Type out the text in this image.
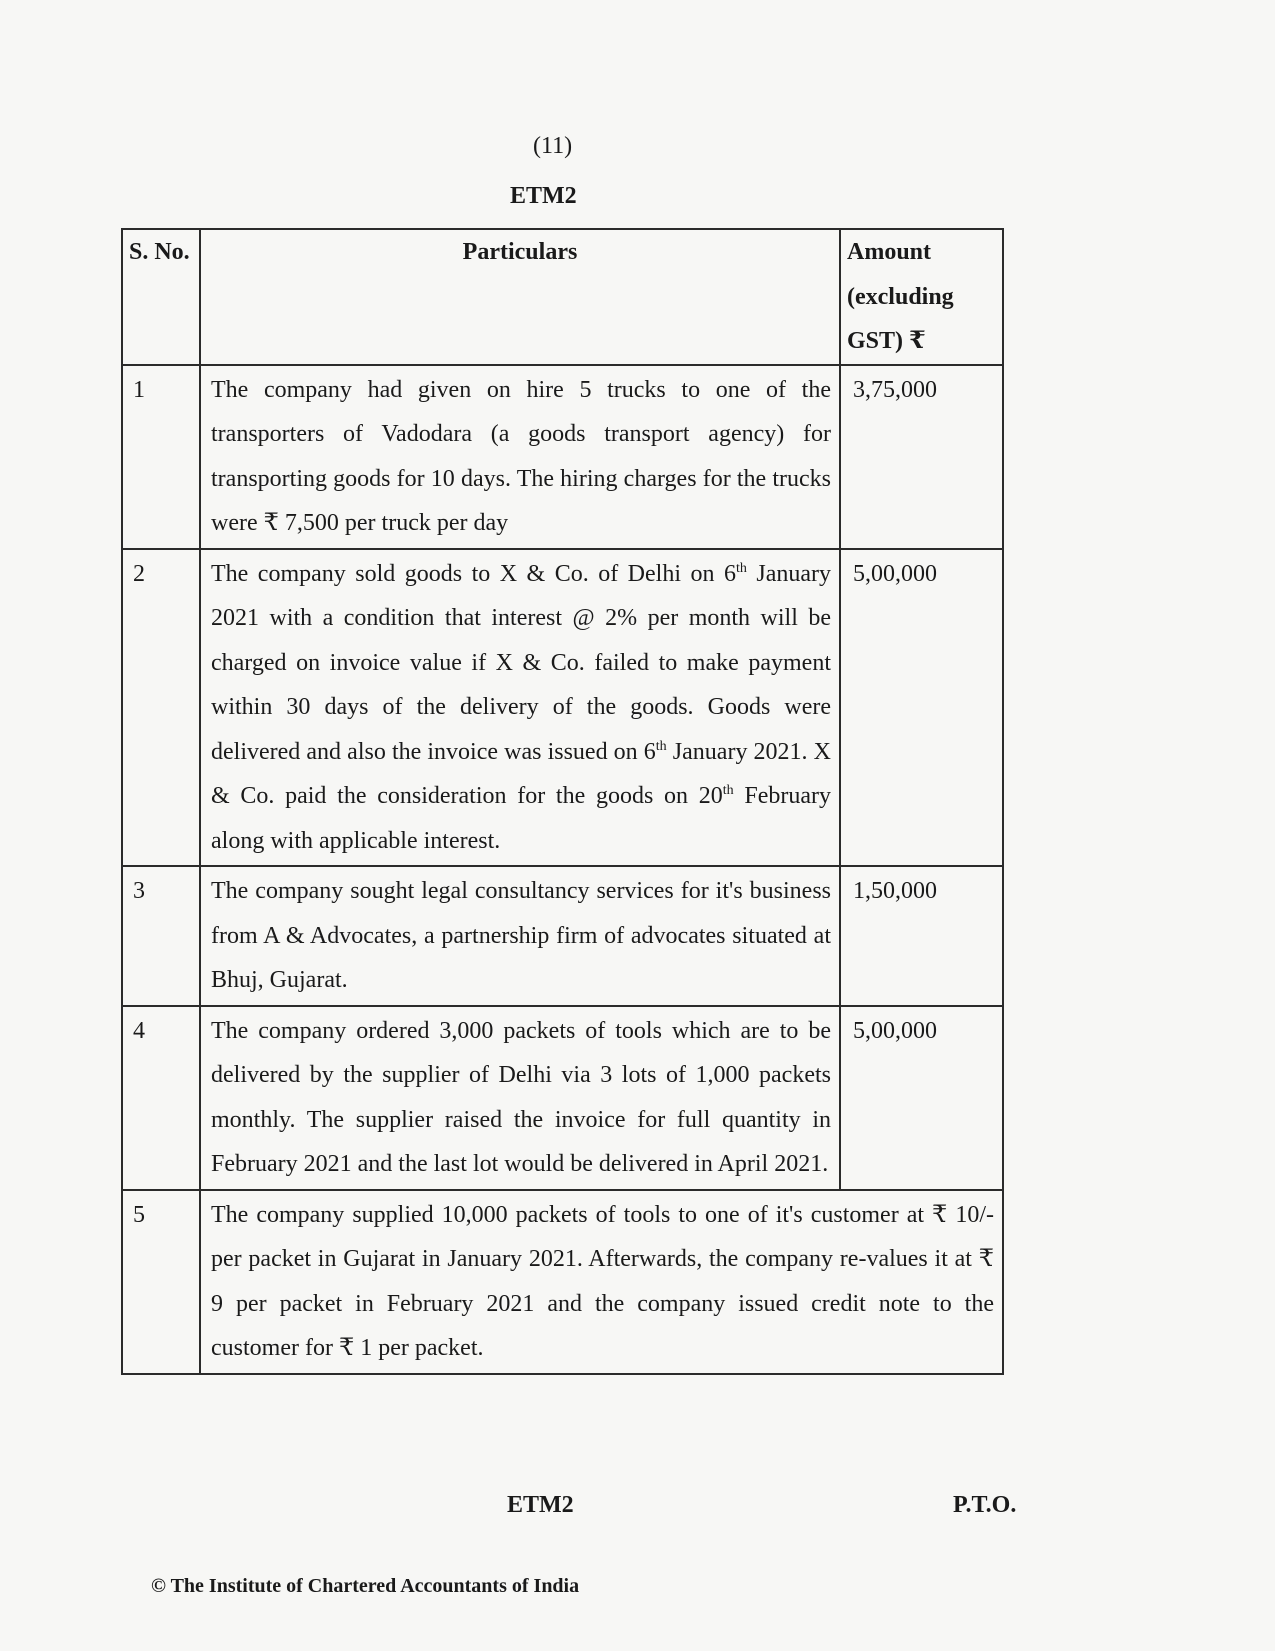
(11)
ETM2
S. No.	Particulars	Amount (excluding GST) ₹
1	The company had given on hire 5 trucks to one of the transporters of Vadodara (a goods transport agency) for transporting goods for 10 days. The hiring charges for the trucks were ₹ 7,500 per truck per day	3,75,000
2	The company sold goods to X & Co. of Delhi on 6th January 2021 with a condition that interest @ 2% per month will be charged on invoice value if X & Co. failed to make payment within 30 days of the delivery of the goods. Goods were delivered and also the invoice was issued on 6th January 2021. X & Co. paid the consideration for the goods on 20th February along with applicable interest.	5,00,000
3	The company sought legal consultancy services for it's business from A & Advocates, a partnership firm of advocates situated at Bhuj, Gujarat.	1,50,000
4	The company ordered 3,000 packets of tools which are to be delivered by the supplier of Delhi via 3 lots of 1,000 packets monthly. The supplier raised the invoice for full quantity in February 2021 and the last lot would be delivered in April 2021.	5,00,000
5	The company supplied 10,000 packets of tools to one of it's customer at ₹ 10/- per packet in Gujarat in January 2021. Afterwards, the company re-values it at ₹ 9 per packet in February 2021 and the company issued credit note to the customer for ₹ 1 per packet.	
ETM2	P.T.O.
© The Institute of Chartered Accountants of India
